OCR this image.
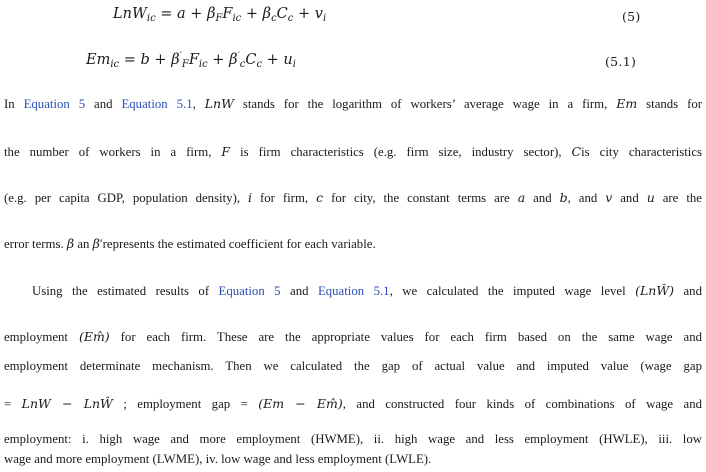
$LnW_{ic} = a + \beta_FF_{ic} + \beta_cC_c + v_i$	(5)
$Em_{ic} = b + \beta'_FF_{ic} + \beta'_cC_c + u_i$	(5.1)
In Equation 5 and Equation 5.1, LnW stands for the logarithm of workers’ average wage in a firm, Em stands for
the number of workers in a firm, F is firm characteristics (e.g. firm size, industry sector), Cis city characteristics
(e.g. per capita GDP, population density), i for firm, c for city, the constant terms are a and b, and v and u are the
error terms. β an β′represents the estimated coefficient for each variable.
Using the estimated results of Equation 5 and Equation 5.1, we calculated the imputed wage level (LnŴ) and
employment (Em̂) for each firm. These are the appropriate values for each firm based on the same wage and
employment determinate mechanism. Then we calculated the gap of actual value and imputed value (wage gap
= LnW − LnŴ ; employment gap = (Em − Em̂), and constructed four kinds of combinations of wage and
employment: i. high wage and more employment (HWME), ii. high wage and less employment (HWLE), iii. low
wage and more employment (LWME), iv. low wage and less employment (LWLE).
